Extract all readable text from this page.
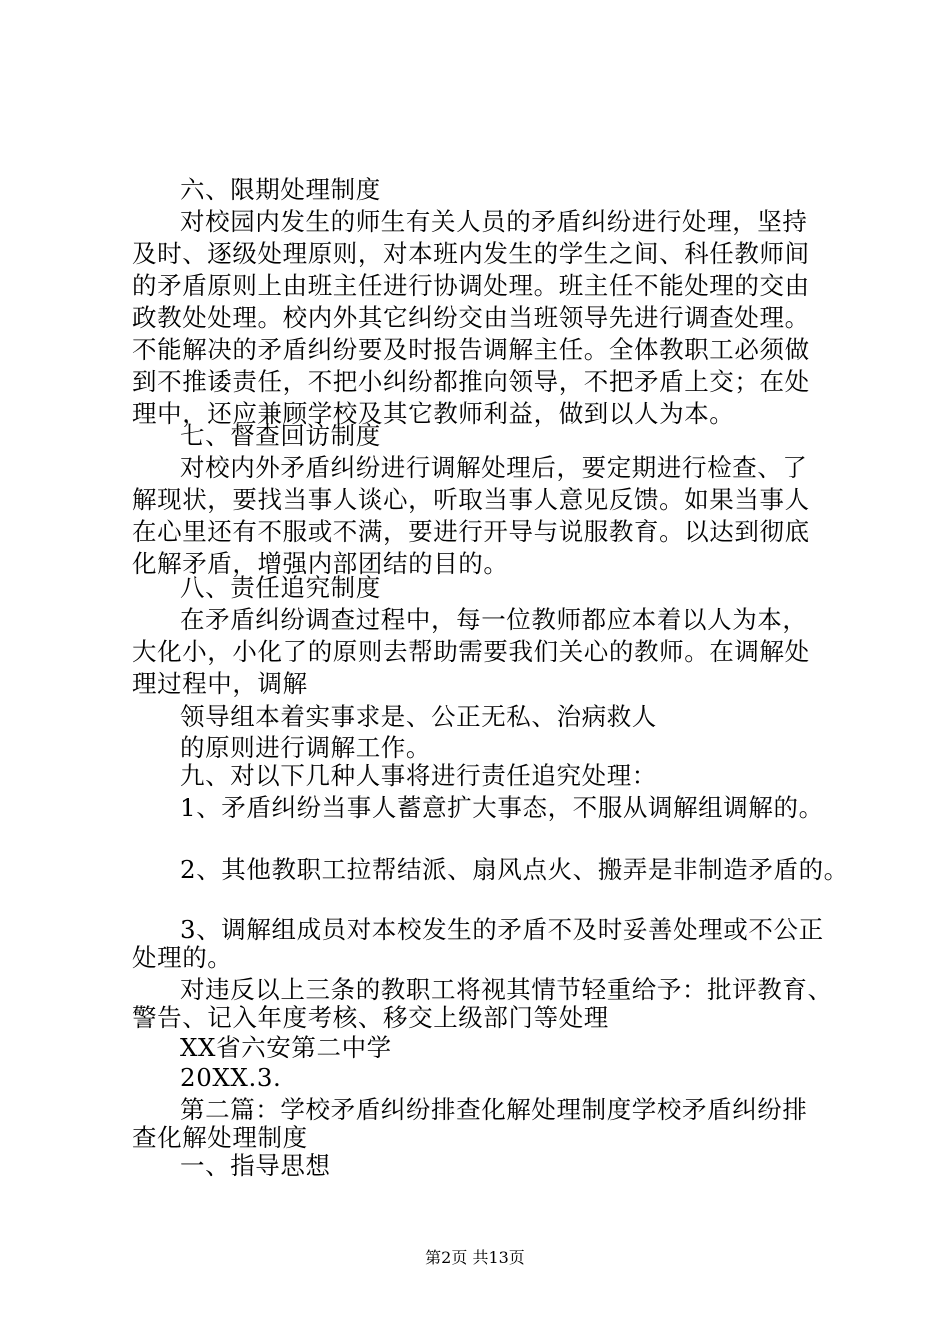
六、限期处理制度
对校园内发生的师生有关人员的矛盾纠纷进行处理，坚持
及时、逐级处理原则，对本班内发生的学生之间、科任教师间
的矛盾原则上由班主任进行协调处理。班主任不能处理的交由
政教处处理。校内外其它纠纷交由当班领导先进行调查处理。
不能解决的矛盾纠纷要及时报告调解主任。全体教职工必须做
到不推诿责任，不把小纠纷都推向领导，不把矛盾上交；在处
理中，还应兼顾学校及其它教师利益，做到以人为本。
七、督查回访制度
对校内外矛盾纠纷进行调解处理后，要定期进行检查、了
解现状，要找当事人谈心，听取当事人意见反馈。如果当事人
在心里还有不服或不满，要进行开导与说服教育。以达到彻底
化解矛盾，增强内部团结的目的。
八、责任追究制度
在矛盾纠纷调查过程中，每一位教师都应本着以人为本，
大化小，小化了的原则去帮助需要我们关心的教师。在调解处
理过程中，调解
领导组本着实事求是、公正无私、治病救人
的原则进行调解工作。
九、对以下几种人事将进行责任追究处理：
1、矛盾纠纷当事人蓄意扩大事态，不服从调解组调解的。
2、其他教职工拉帮结派、扇风点火、搬弄是非制造矛盾的。
3、调解组成员对本校发生的矛盾不及时妥善处理或不公正
处理的。
对违反以上三条的教职工将视其情节轻重给予：批评教育、
警告、记入年度考核、移交上级部门等处理
XX省六安第二中学
20XX.3.
第二篇：学校矛盾纠纷排查化解处理制度学校矛盾纠纷排
查化解处理制度
一、指导思想
第2页 共13页
